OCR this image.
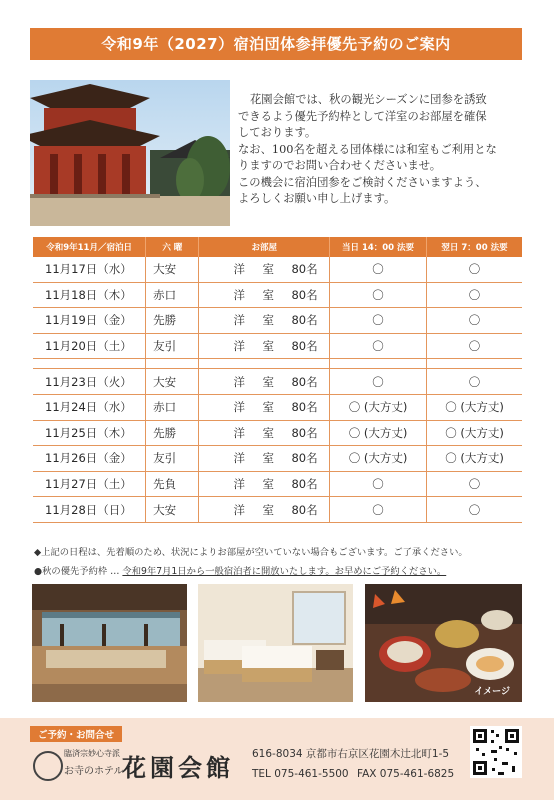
令和9年（2027）宿泊団体参拝優先予約のご案内

花園会館では、秋の観光シーズンに団参を誘致

できるよう優先予約枠として洋室のお部屋を確保

しております。

なお、100名を超える団体様には和室もご利用とな

りますのでお問い合わせくださいませ。

この機会に宿泊団参をご検討くださいますよう、

よろしくお願い申し上げます。

令和9年11月／宿泊日	六 曜	お部屋	当日 14：00 法要	翌日 7：00 法要
11月17日（水）	大安	洋　室 80名	〇	〇
11月18日（木）	赤口	洋　室 80名	〇	〇
11月19日（金）	先勝	洋　室 80名	〇	〇
11月20日（土）	友引	洋　室 80名	〇	〇

11月23日（火）	大安	洋　室 80名	〇	〇
11月24日（水）	赤口	洋　室 80名	〇 (大方丈)	〇 (大方丈)
11月25日（木）	先勝	洋　室 80名	〇 (大方丈)	〇 (大方丈)
11月26日（金）	友引	洋　室 80名	〇 (大方丈)	〇 (大方丈)
11月27日（土）	先負	洋　室 80名	〇	〇
11月28日（日）	大安	洋　室 80名	〇	〇
◆上記の日程は、先着順のため、状況によりお部屋が空いていない場合もございます。ご了承ください。
●秋の優先予約枠 … 令和9年7月1日から一般宿泊者に開放いたします。お早めにご予約ください。
イメージ
ご予約・お問合せ
臨済宗妙心寺派
お寺のホテル
花園会館 616-8034 京都市右京区花園木辻北町1-5
TEL 075-461-5500 FAX 075-461-6825
